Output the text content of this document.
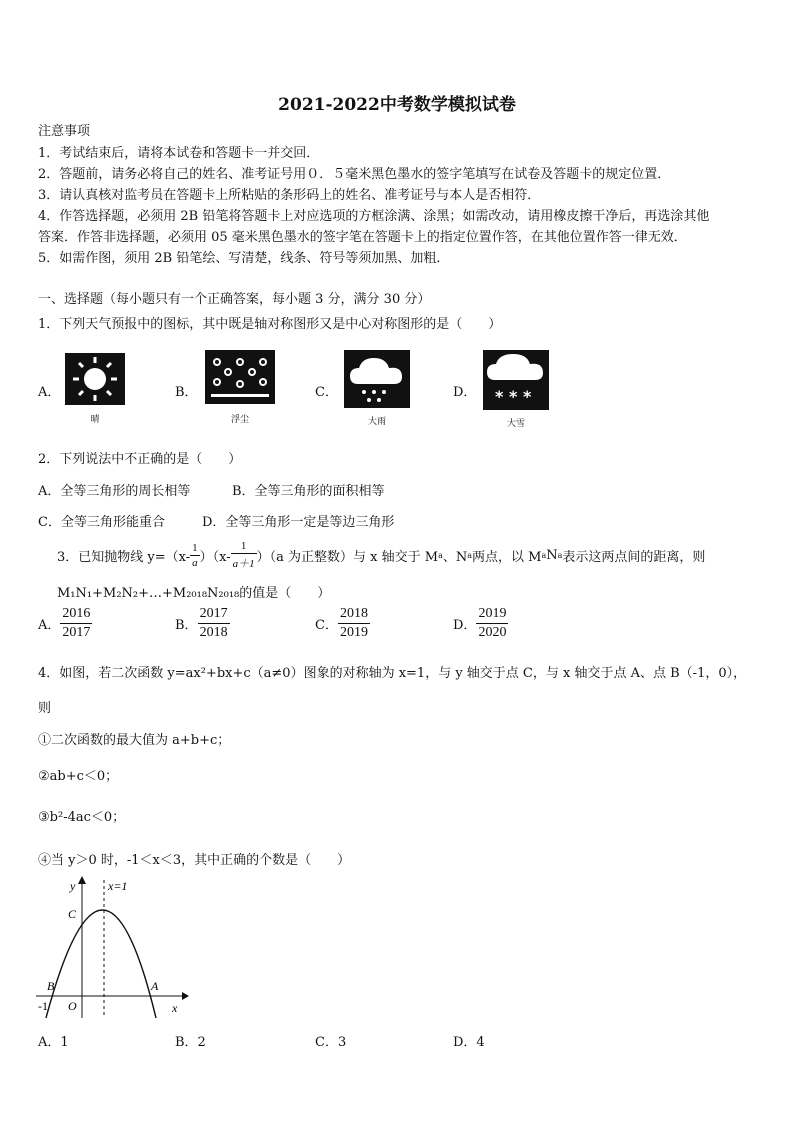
2021-2022中考数学模拟试卷
注意事项
1．考试结束后，请将本试卷和答题卡一并交回．
2．答题前，请务必将自己的姓名、准考证号用０．５毫米黑色墨水的签字笔填写在试卷及答题卡的规定位置．
3．请认真核对监考员在答题卡上所粘贴的条形码上的姓名、准考证号与本人是否相符．
4．作答选择题，必须用 2B 铅笔将答题卡上对应选项的方框涂满、涂黑；如需改动，请用橡皮擦干净后，再选涂其他
答案．作答非选择题，必须用 05 毫米黑色墨水的签字笔在答题卡上的指定位置作答，在其他位置作答一律无效．
5．如需作图，须用 2B 铅笔绘、写清楚，线条、符号等须加黑、加粗．
一、选择题（每小题只有一个正确答案，每小题 3 分，满分 30 分）
1．下列天气预报中的图标，其中既是轴对称图形又是中心对称图形的是（　　）
A．
晴
B．
浮尘
C．
大雨
D． * * *
大雪
2．下列说法中不正确的是（　　）
A．全等三角形的周长相等	B．全等三角形的面积相等
C．全等三角形能重合	D．全等三角形一定是等边三角形
3．已知抛物线 $y=(x- \frac{1}{a} )(x- \frac{1}{a+1} )(a$ 为正整数）与 x 轴交于 M a 、N a 两点，以 M a N a 表示这两点间的距离，则
M₁N₁+M₂N₂+…+M₂₀₁₈N₂₀₁₈的值是（　　）
A． $\frac{2016}{2017}$	B． $\frac{2017}{2018}$	C． $\frac{2018}{2019}$	D． $\frac{2019}{2020}$
4．如图，若二次函数 y=ax²+bx+c（a≠0）图象的对称轴为 x=1，与 y 轴交于点 C，与 x 轴交于点 A、点 B（-1，0），
则
①二次函数的最大值为 a+b+c；
②ab+c＜0；
③b²-4ac＜0；
④当 y＞0 时，-1＜x＜3，其中正确的个数是（　　）
y	x=1
C
B	A
O
-1	x
A．1	B．2	C．3	D．4
